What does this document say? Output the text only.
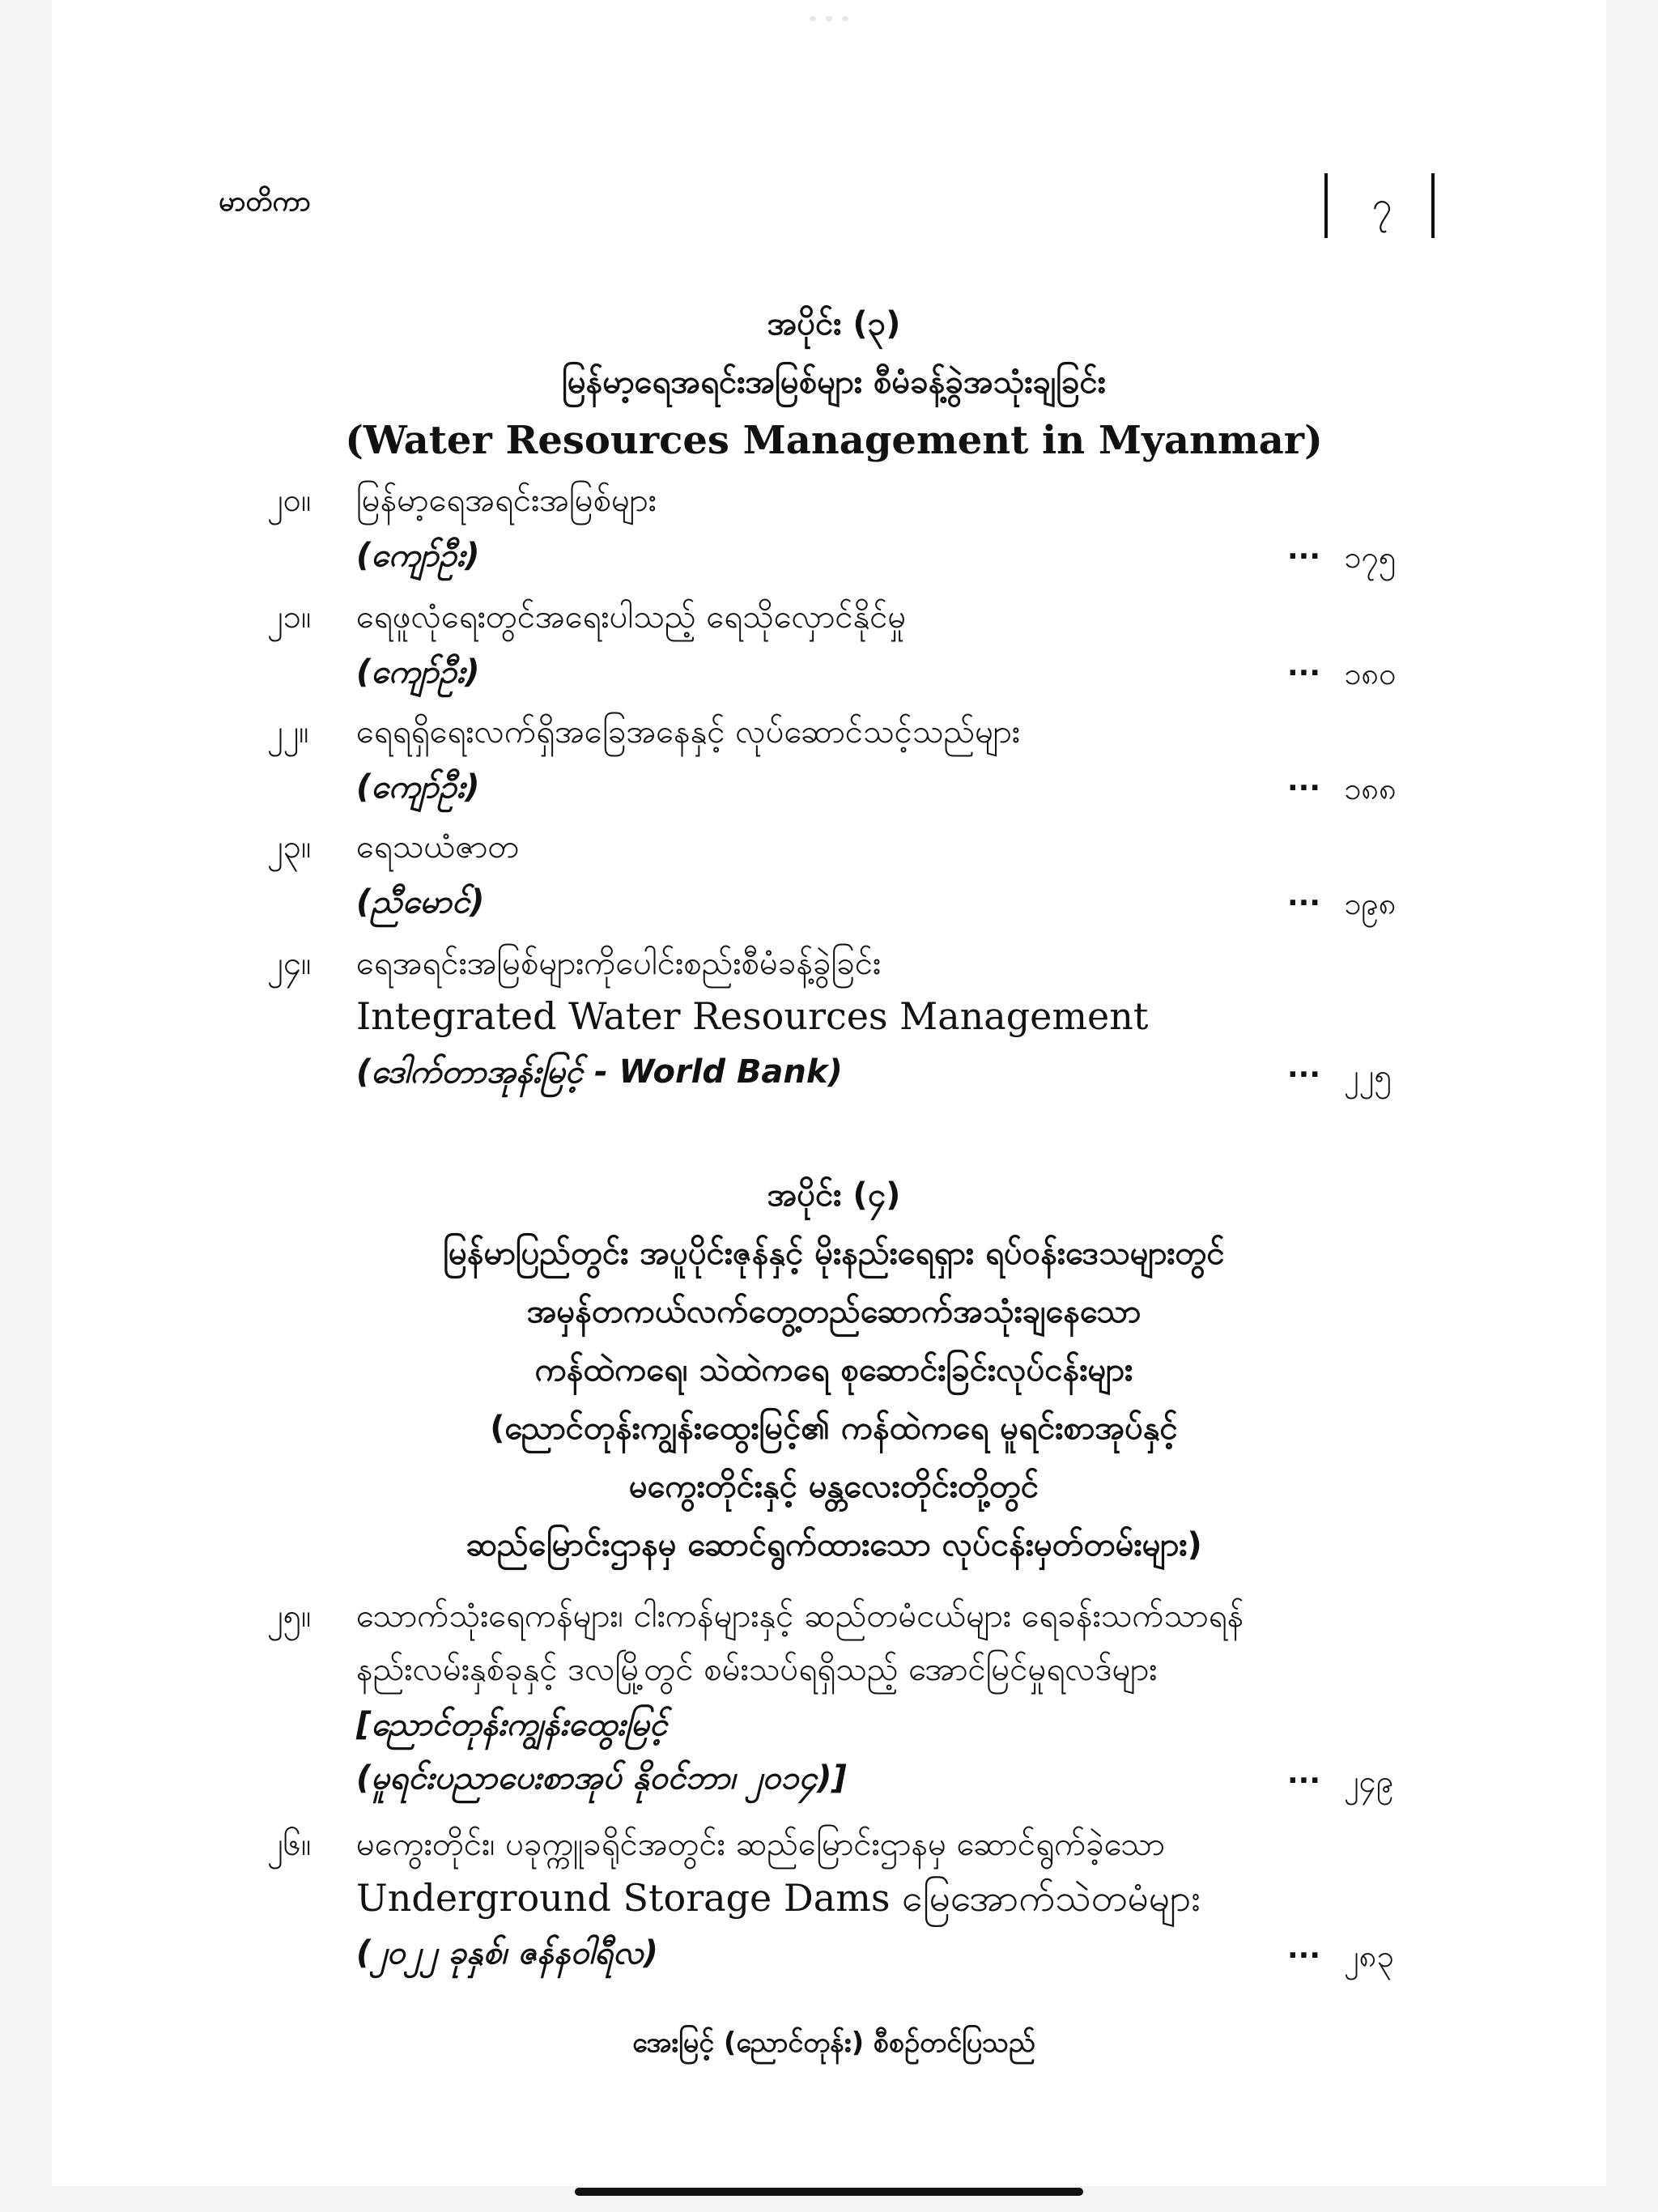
မာတိကာ	၇
အပိုင်း (၃)
မြန်မာ့ရေအရင်းအမြစ်များ စီမံခန့်ခွဲအသုံးချခြင်း
(Water Resources Management in Myanmar)
၂၀။ မြန်မာ့ရေအရင်းအမြစ်များ
(ကျော်ဦး)	... ၁၇၅
၂၁။ ရေဖူလုံရေးတွင်အရေးပါသည့် ရေသိုလှောင်နိုင်မှု
(ကျော်ဦး)	... ၁၈၀
၂၂။ ရေရရှိရေးလက်ရှိအခြေအနေနှင့် လုပ်ဆောင်သင့်သည်များ
(ကျော်ဦး)	... ၁၈၈
၂၃။ ရေသယံဇာတ
(ညီမောင်)	... ၁၉၈
၂၄။ ရေအရင်းအမြစ်များကိုပေါင်းစည်းစီမံခန့်ခွဲခြင်း
Integrated Water Resources Management
(ဒေါက်တာအုန်းမြင့် - World Bank)	... ၂၂၅
အပိုင်း (၄)
မြန်မာပြည်တွင်း အပူပိုင်းဇုန်နှင့် မိုးနည်းရေရှား ရပ်ဝန်းဒေသများတွင်
အမှန်တကယ်လက်တွေ့တည်ဆောက်အသုံးချနေသော
ကန်ထဲကရေ၊ သဲထဲကရေ စုဆောင်းခြင်းလုပ်ငန်းများ
(ညောင်တုန်းကျွန်းထွေးမြင့်၏ ကန်ထဲကရေ မူရင်းစာအုပ်နှင့်
မကွေးတိုင်းနှင့် မန္တလေးတိုင်းတို့တွင်
ဆည်မြောင်းဌာနမှ ဆောင်ရွက်ထားသော လုပ်ငန်းမှတ်တမ်းများ)
၂၅။ သောက်သုံးရေကန်များ၊ ငါးကန်များနှင့် ဆည်တမံငယ်များ ရေခန်းသက်သာရန်
နည်းလမ်းနှစ်ခုနှင့် ဒလမြို့တွင် စမ်းသပ်ရရှိသည့် အောင်မြင်မှုရလဒ်များ
[ညောင်တုန်းကျွန်းထွေးမြင့်
(မူရင်းပညာပေးစာအုပ် နိုဝင်ဘာ၊ ၂၀၁၄)]	... ၂၄၉
၂၆။ မကွေးတိုင်း၊ ပခုက္ကူခရိုင်အတွင်း ဆည်မြောင်းဌာနမှ ဆောင်ရွက်ခဲ့သော
Underground Storage Dams မြေအောက်သဲတမံများ
(၂၀၂၂ ခုနှစ်၊ ဇန်နဝါရီလ)	... ၂၈၃
အေးမြင့် (ညောင်တုန်း) စီစဉ်တင်ပြသည်
